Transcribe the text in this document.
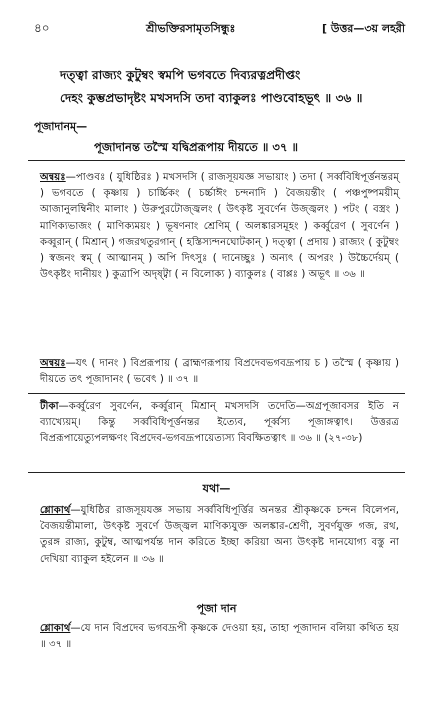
৪০	শ্রীভক্তিরসামৃতসিন্ধুঃ	[ উত্তর—৩য় লহরী
দত্ত্বা রাজ্যং কুটুম্বং স্বমপি ভগবতে দিব্যরত্নপ্রদীপ্তং
দেহং কুম্ভপ্রভাদৃষ্টং মখসদসি তদা ব্যাকুলঃ পাণ্ডবোহভূৎ ॥ ৩৬ ॥
পূজাদানম্—
পূজাদানন্ত তস্মৈ যদ্বিপ্ররূপায় দীয়তে ॥ ৩৭ ॥
অন্বয়ঃ—পাণ্ডবঃ ( যুধিষ্ঠিরঃ ) মখসদসি ( রাজসূয়যজ্ঞ সভায়াং ) তদা ( সর্ব্ববিধিপূর্ত্তনন্তরম্ ) ভগবতে ( কৃষ্ণায় ) চার্চ্চিকং ( চর্চ্চাঈং চন্দনাদি ) বৈজয়ন্তীং ( পঞ্চপুষ্পময়ীম্ আজানুলম্বিনীং মালাং ) উরুপুরটোজ্জ্বলং ( উৎকৃষ্ট সুবর্ণেন উজ্জ্বলং ) পটং ( বস্ত্রং ) মাণিক্যভাজং ( মাণিক্যময়ং ) ভূষণনাং শ্রেণিম্ ( অলঙ্কারসমূহং ) কর্ব্বুরেণ ( সুবর্ণেন ) কব্বুরান্ ( মিশ্রান্ ) গজরথতুরগান্ ( হস্তিস্যন্দনঘোটকান্ ) দত্ত্বা ( প্রদায় ) রাজ্যং ( কুটুম্বং ) স্বজনং স্বম্ ( আত্মানম্ ) অপি দিৎসুঃ ( দানেচ্ছুঃ ) অন্যৎ ( অপরং ) উচ্চৈর্দেয়ম্ ( উৎকৃষ্টং দানীয়ং ) কুত্রাপি অদৃষ্ট্বা ( ন বিলোক্য ) ব্যাকুলঃ ( বাপ্পঃ ) অভূৎ ॥ ৩৬ ॥
অন্বয়ঃ—যৎ ( দানং ) বিপ্ররূপায় ( ব্রাহ্মণরূপায় বিপ্রদেবভগবদ্রূপায় চ ) তস্মৈ ( কৃষ্ণায় ) দীয়তে তৎ পূজাদানং ( ভবেৎ ) ॥ ৩৭ ॥
টীকা—কর্ব্বুরেণ সুবর্ণেন, কর্ব্বুরান্ মিশ্রান্ মখসদসি তদেতি—অগ্রপূজাবসর ইতি ন ব্যাখ্যেয়ম্। কিন্তু সর্ব্ববিধিপূর্ত্তনন্তর ইত্যেব, পূর্ব্বস্য পূজাঙ্গত্বাৎ। উত্তরত্র বিপ্ররূপায়েত্যুপলক্ষণং বিপ্রদেব-ভগবদ্রূপায়েত্যস্য বিবক্ষিতত্বাৎ ॥ ৩৬ ॥ (২৭-৩৮)
যথা—
শ্লোকার্থ—যুধিষ্ঠির রাজসূয়যজ্ঞ সভায় সর্ব্ববিধিপূর্ত্তির অনন্তর শ্রীকৃষ্ণকে চন্দন বিলেপন, বৈজয়ন্তীমালা, উৎকৃষ্ট সুবর্ণে উজ্জ্বল মাণিক্যযুক্ত অলঙ্কার-শ্রেণী, সুবর্ণযুক্ত গজ, রথ, তুরঙ্গ রাজ্য, কুটুম্ব, আত্মপর্যন্ত দান করিতে ইচ্ছা করিয়া অন্য উৎকৃষ্ট দানযোগ্য বস্তু না দেখিয়া ব্যাকুল হইলেন ॥ ৩৬ ॥
পূজা দান
শ্লোকার্থ—যে দান বিপ্রদেব ভগবদ্রূপী কৃষ্ণকে দেওয়া হয়, তাহা পূজাদান বলিয়া কথিত হয় ॥ ৩৭ ॥
